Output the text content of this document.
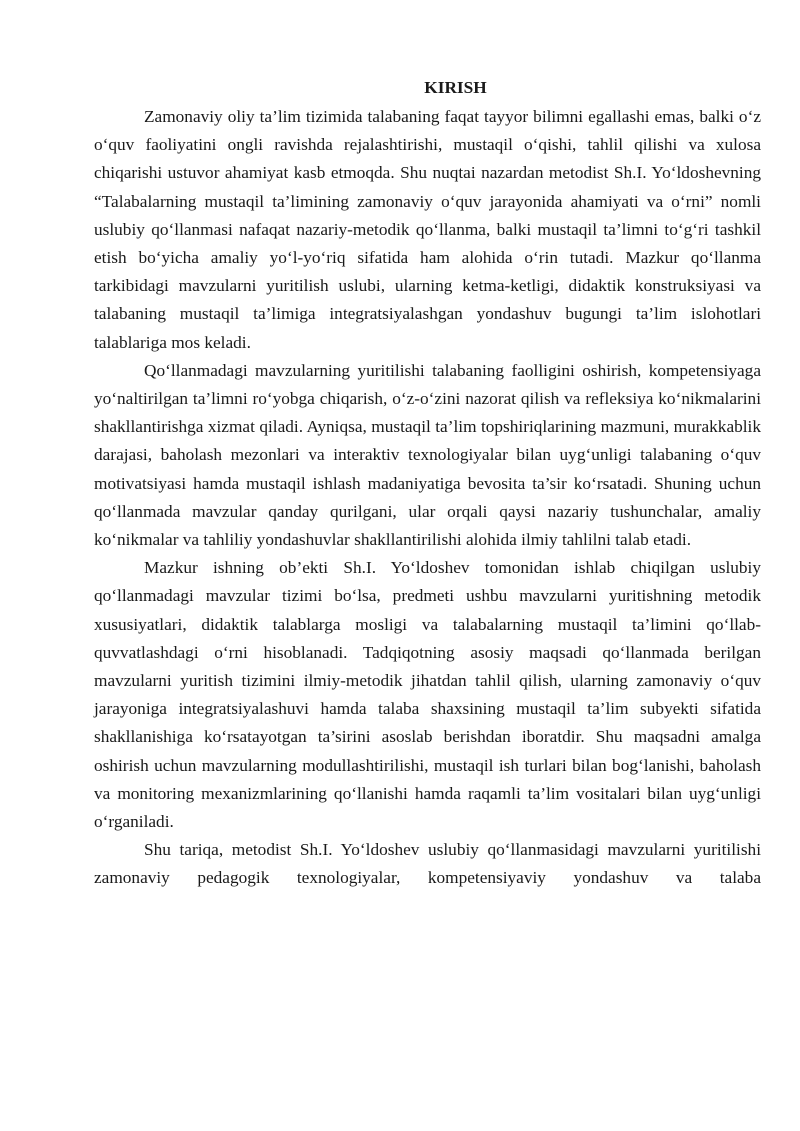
KIRISH

Zamonaviy oliy ta’lim tizimida talabaning faqat tayyor bilimni egallashi emas, balki o‘z o‘quv faoliyatini ongli ravishda rejalashtirishi, mustaqil o‘qishi, tahlil qilishi va xulosa chiqarishi ustuvor ahamiyat kasb etmoqda. Shu nuqtai nazardan metodist Sh.I. Yo‘ldoshevning “Talabalarning mustaqil ta’limining zamonaviy o‘quv jarayonida ahamiyati va o‘rni” nomli uslubiy qo‘llanmasi nafaqat nazariy-metodik qo‘llanma, balki mustaqil ta’limni to‘g‘ri tashkil etish bo‘yicha amaliy yo‘l-yo‘riq sifatida ham alohida o‘rin tutadi. Mazkur qo‘llanma tarkibidagi mavzularni yuritilish uslubi, ularning ketma-ketligi, didaktik konstruksiyasi va talabaning mustaqil ta’limiga integratsiyalashgan yondashuv bugungi ta’lim islohotlari talablariga mos keladi.

Qo‘llanmadagi mavzularning yuritilishi talabaning faolligini oshirish, kompetensiyaga yo‘naltirilgan ta’limni ro‘yobga chiqarish, o‘z-o‘zini nazorat qilish va refleksiya ko‘nikmalarini shakllantirishga xizmat qiladi. Ayniqsa, mustaqil ta’lim topshiriqlarining mazmuni, murakkablik darajasi, baholash mezonlari va interaktiv texnologiyalar bilan uyg‘unligi talabaning o‘quv motivatsiyasi hamda mustaqil ishlash madaniyatiga bevosita ta’sir ko‘rsatadi. Shuning uchun qo‘llanmada mavzular qanday qurilgani, ular orqali qaysi nazariy tushunchalar, amaliy ko‘nikmalar va tahliliy yondashuvlar shakllantirilishi alohida ilmiy tahlilni talab etadi.

Mazkur ishning ob’ekti Sh.I. Yo‘ldoshev tomonidan ishlab chiqilgan uslubiy qo‘llanmadagi mavzular tizimi bo‘lsa, predmeti ushbu mavzularni yuritishning metodik xususiyatlari, didaktik talablarga mosligi va talabalarning mustaqil ta’limini qo‘llab-quvvatlashdagi o‘rni hisoblanadi. Tadqiqotning asosiy maqsadi qo‘llanmada berilgan mavzularni yuritish tizimini ilmiy-metodik jihatdan tahlil qilish, ularning zamonaviy o‘quv jarayoniga integratsiyalashuvi hamda talaba shaxsining mustaqil ta’lim subyekti sifatida shakllanishiga ko‘rsatayotgan ta’sirini asoslab berishdan iboratdir. Shu maqsadni amalga oshirish uchun mavzularning modullashtirilishi, mustaqil ish turlari bilan bog‘lanishi, baholash va monitoring mexanizmlarining qo‘llanishi hamda raqamli ta’lim vositalari bilan uyg‘unligi o‘rganiladi.

Shu tariqa, metodist Sh.I. Yo‘ldoshev uslubiy qo‘llanmasidagi mavzularni yuritilishi zamonaviy pedagogik texnologiyalar, kompetensiyaviy yondashuv va talaba
